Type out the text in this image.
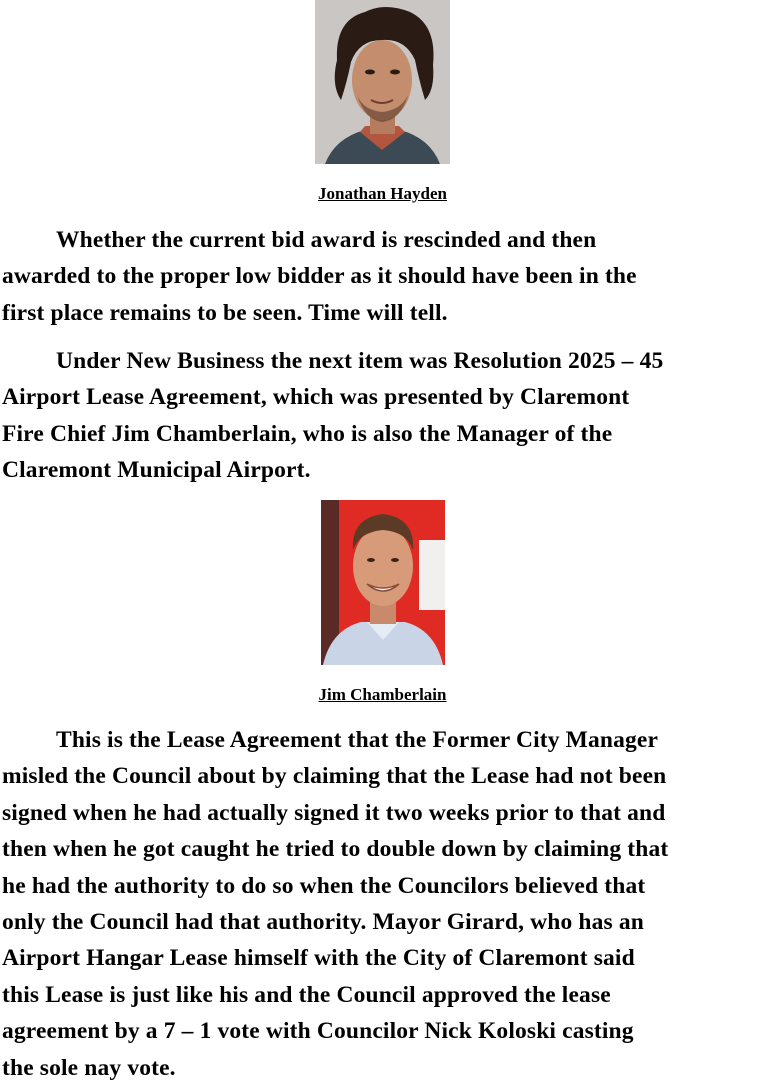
Jonathan Hayden

Whether the current bid award is rescinded and then
awarded to the proper low bidder as it should have been in the
first place remains to be seen. Time will tell.

Under New Business the next item was Resolution 2025 – 45
Airport Lease Agreement, which was presented by Claremont
Fire Chief Jim Chamberlain, who is also the Manager of the
Claremont Municipal Airport.

Jim Chamberlain

This is the Lease Agreement that the Former City Manager
misled the Council about by claiming that the Lease had not been
signed when he had actually signed it two weeks prior to that and
then when he got caught he tried to double down by claiming that
he had the authority to do so when the Councilors believed that
only the Council had that authority. Mayor Girard, who has an
Airport Hangar Lease himself with the City of Claremont said
this Lease is just like his and the Council approved the lease
agreement by a 7 – 1 vote with Councilor Nick Koloski casting
the sole nay vote.
